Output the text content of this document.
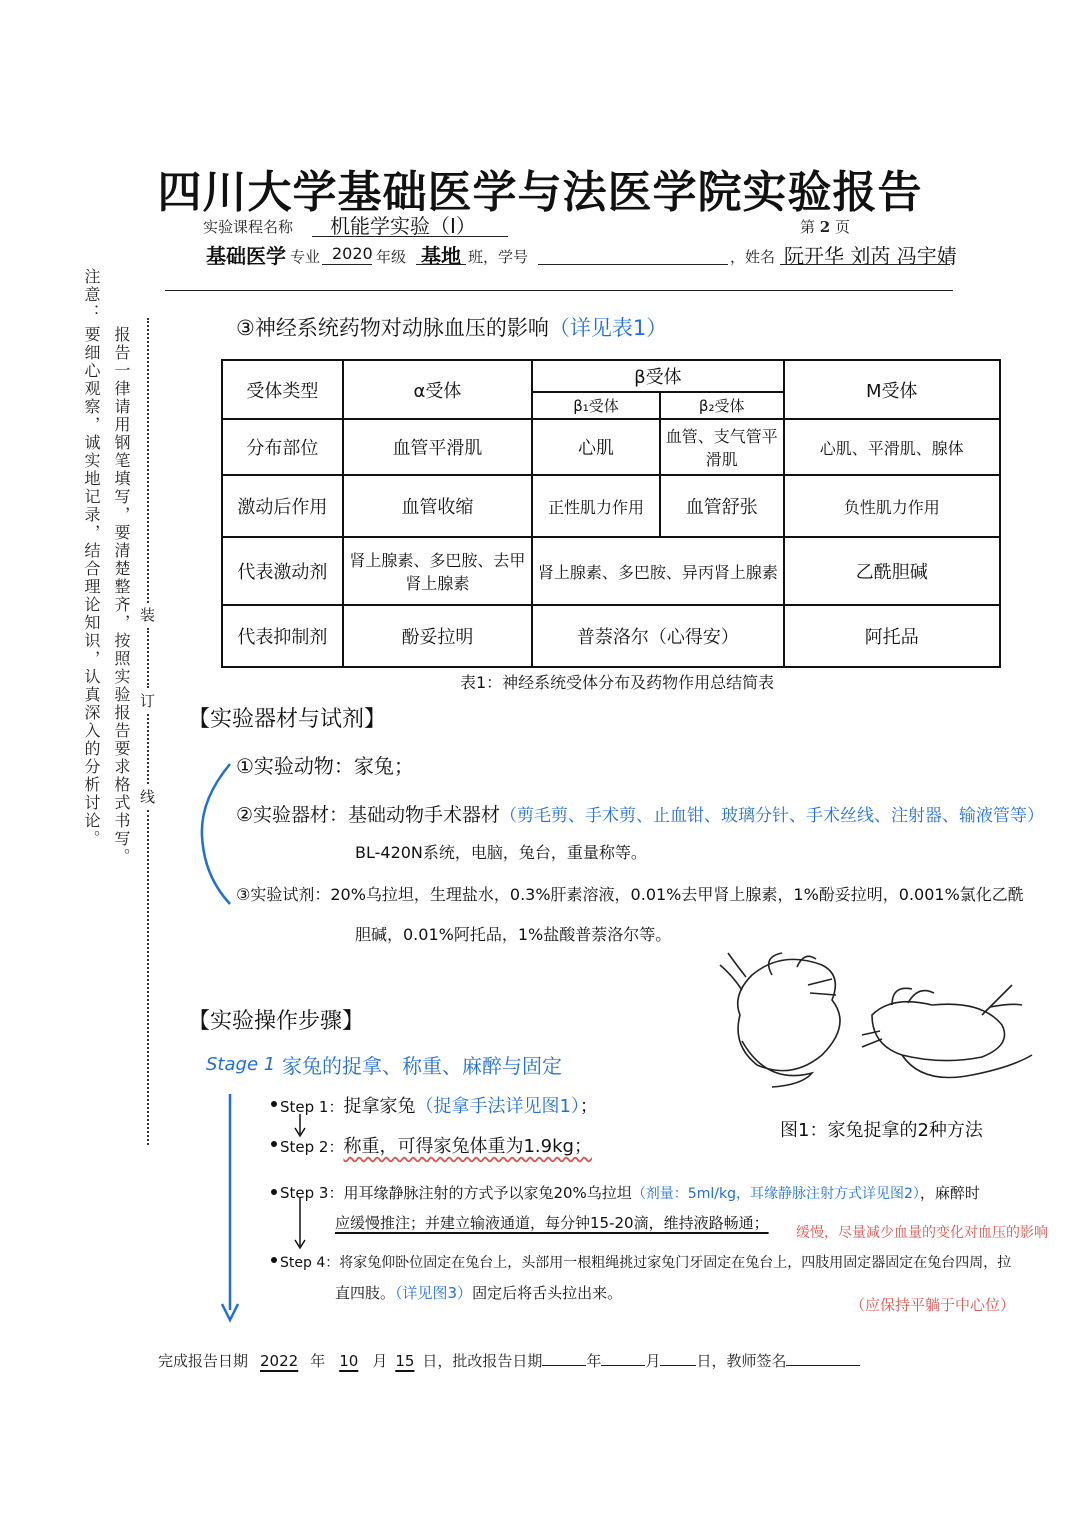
四川大学基础医学与法医学院实验报告
实验课程名称 机能学实验（I）	第 2 页
基础医学 专业 2020 年级 基地 班，学号	，姓名 阮开华 刘芮 冯宇婧
注意：
要细心观察，诚实地记录，结合理论知识，认真深入的分析讨论。 报告一律请用钢笔填写，要清楚整齐，按照实验报告要求格式书写。 装
订
线
③神经系统药物对动脉血压的影响（详见表1）
受体类型	α受体	β受体		M受体
		β₁受体	β₂受体	
分布部位	血管平滑肌	心肌	血管、支气管平滑肌	心肌、平滑肌、腺体
激动后作用	血管收缩	正性肌力作用	血管舒张	负性肌力作用
代表激动剂	肾上腺素、多巴胺、去甲肾上腺素	肾上腺素、多巴胺、异丙肾上腺素		乙酰胆碱
代表抑制剂	酚妥拉明	普萘洛尔（心得安）		阿托品
表1：神经系统受体分布及药物作用总结简表
【实验器材与试剂】
①实验动物：家兔；
②实验器材：基础动物手术器材（剪毛剪、手术剪、止血钳、玻璃分针、手术丝线、注射器、输液管等）
BL-420N系统，电脑，兔台，重量称等。
③实验试剂：20%乌拉坦，生理盐水，0.3%肝素溶液，0.01%去甲肾上腺素，1%酚妥拉明，0.001%氯化乙酰
胆碱，0.01%阿托品，1%盐酸普萘洛尔等。
图1：家兔捉拿的2种方法
【实验操作步骤】
Stage 1 家兔的捉拿、称重、麻醉与固定
Step 1：捉拿家兔（捉拿手法详见图1）；
Step 2：称重，可得家兔体重为1.9kg；
Step 3：用耳缘静脉注射的方式予以家兔20%乌拉坦（剂量：5ml/kg，耳缘静脉注射方式详见图2），麻醉时
应缓慢推注；并建立输液通道，每分钟15-20滴，维持液路畅通；
缓慢，尽量减少血量的变化对血压的影响
Step 4：将家兔仰卧位固定在兔台上，头部用一根粗绳挑过家兔门牙固定在兔台上，四肢用固定器固定在兔台四周，拉
直四肢。（详见图3）固定后将舌头拉出来。
（应保持平躺于中心位）
完成报告日期 2022 年 10 月 15 日，批改报告日期	年	月 日，教师签名
